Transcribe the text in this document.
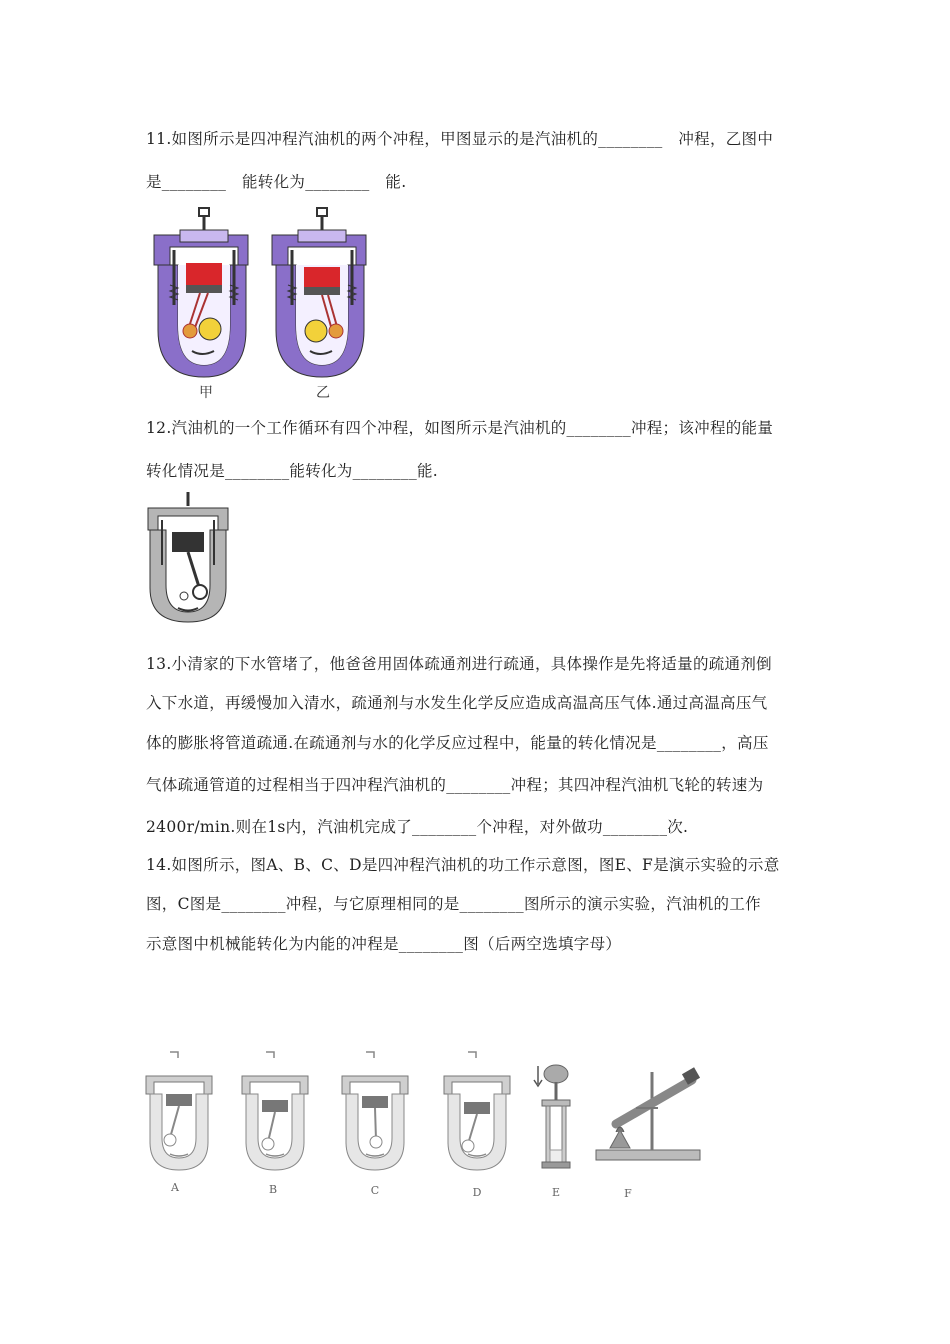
11.如图所示是四冲程汽油机的两个冲程，甲图显示的是汽油机的________　冲程，乙图中
是________　能转化为________　能.
甲	乙
12.汽油机的一个工作循环有四个冲程，如图所示是汽油机的________冲程；该冲程的能量
转化情况是________能转化为________能.
13.小清家的下水管堵了，他爸爸用固体疏通剂进行疏通，具体操作是先将适量的疏通剂倒
入下水道，再缓慢加入清水，疏通剂与水发生化学反应造成高温高压气体.通过高温高压气
体的膨胀将管道疏通.在疏通剂与水的化学反应过程中，能量的转化情况是________，高压
气体疏通管道的过程相当于四冲程汽油机的________冲程；其四冲程汽油机飞轮的转速为
2400r/min.则在1s内，汽油机完成了________个冲程，对外做功________次.
14.如图所示，图A、B、C、D是四冲程汽油机的功工作示意图，图E、F是演示实验的示意
图，C图是________冲程，与它原理相同的是________图所示的演示实验，汽油机的工作
示意图中机械能转化为内能的冲程是________图（后两空选填字母）
A	B	C	D	E	F
